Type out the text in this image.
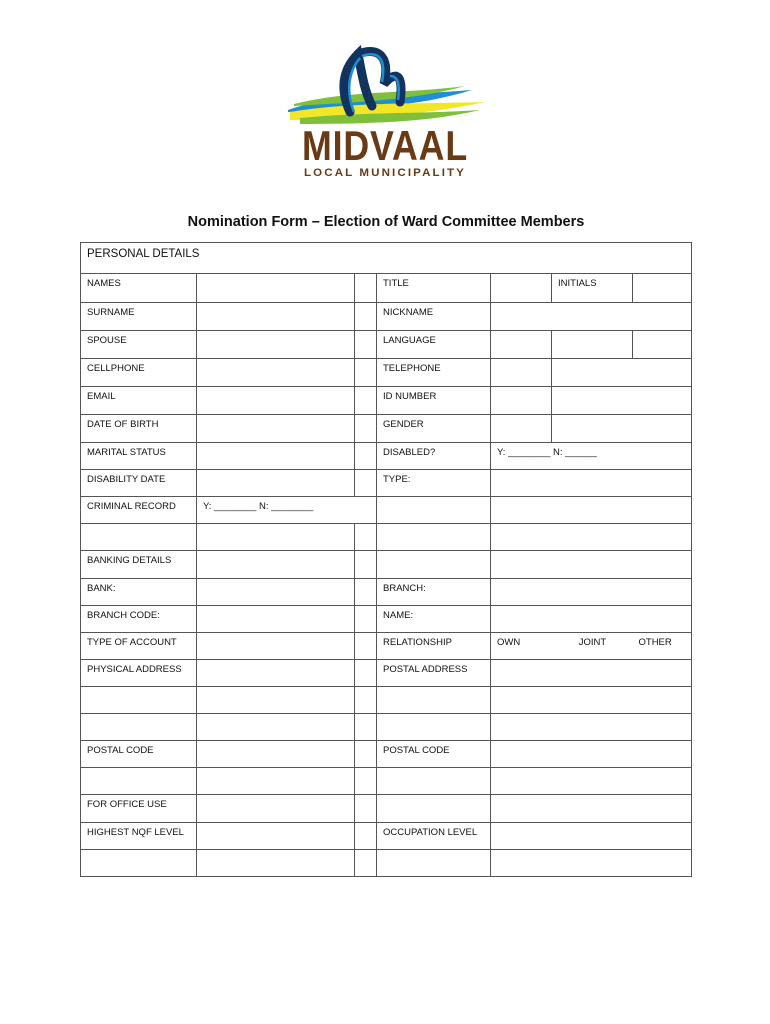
MIDVAAL
LOCAL MUNICIPALITY
Nomination Form – Election of Ward Committee Members
PERSONAL DETAILS						
NAMES			TITLE		INITIALS	
SURNAME			NICKNAME			
SPOUSE			LANGUAGE			
CELLPHONE			TELEPHONE			
EMAIL			ID NUMBER			
DATE OF BIRTH			GENDER			
MARITAL STATUS			DISABLED?	Y: ________ N: ______		
DISABILITY DATE			TYPE:			
CRIMINAL RECORD	Y: ________ N: ________					

BANKING DETAILS						
BANK:			BRANCH:			
BRANCH CODE:			NAME:			
TYPE OF ACCOUNT			RELATIONSHIP	OWN	JOINT	OTHER
PHYSICAL ADDRESS			POSTAL ADDRESS			

POSTAL CODE			POSTAL CODE			

FOR OFFICE USE						
HIGHEST NQF LEVEL			OCCUPATION LEVEL			
